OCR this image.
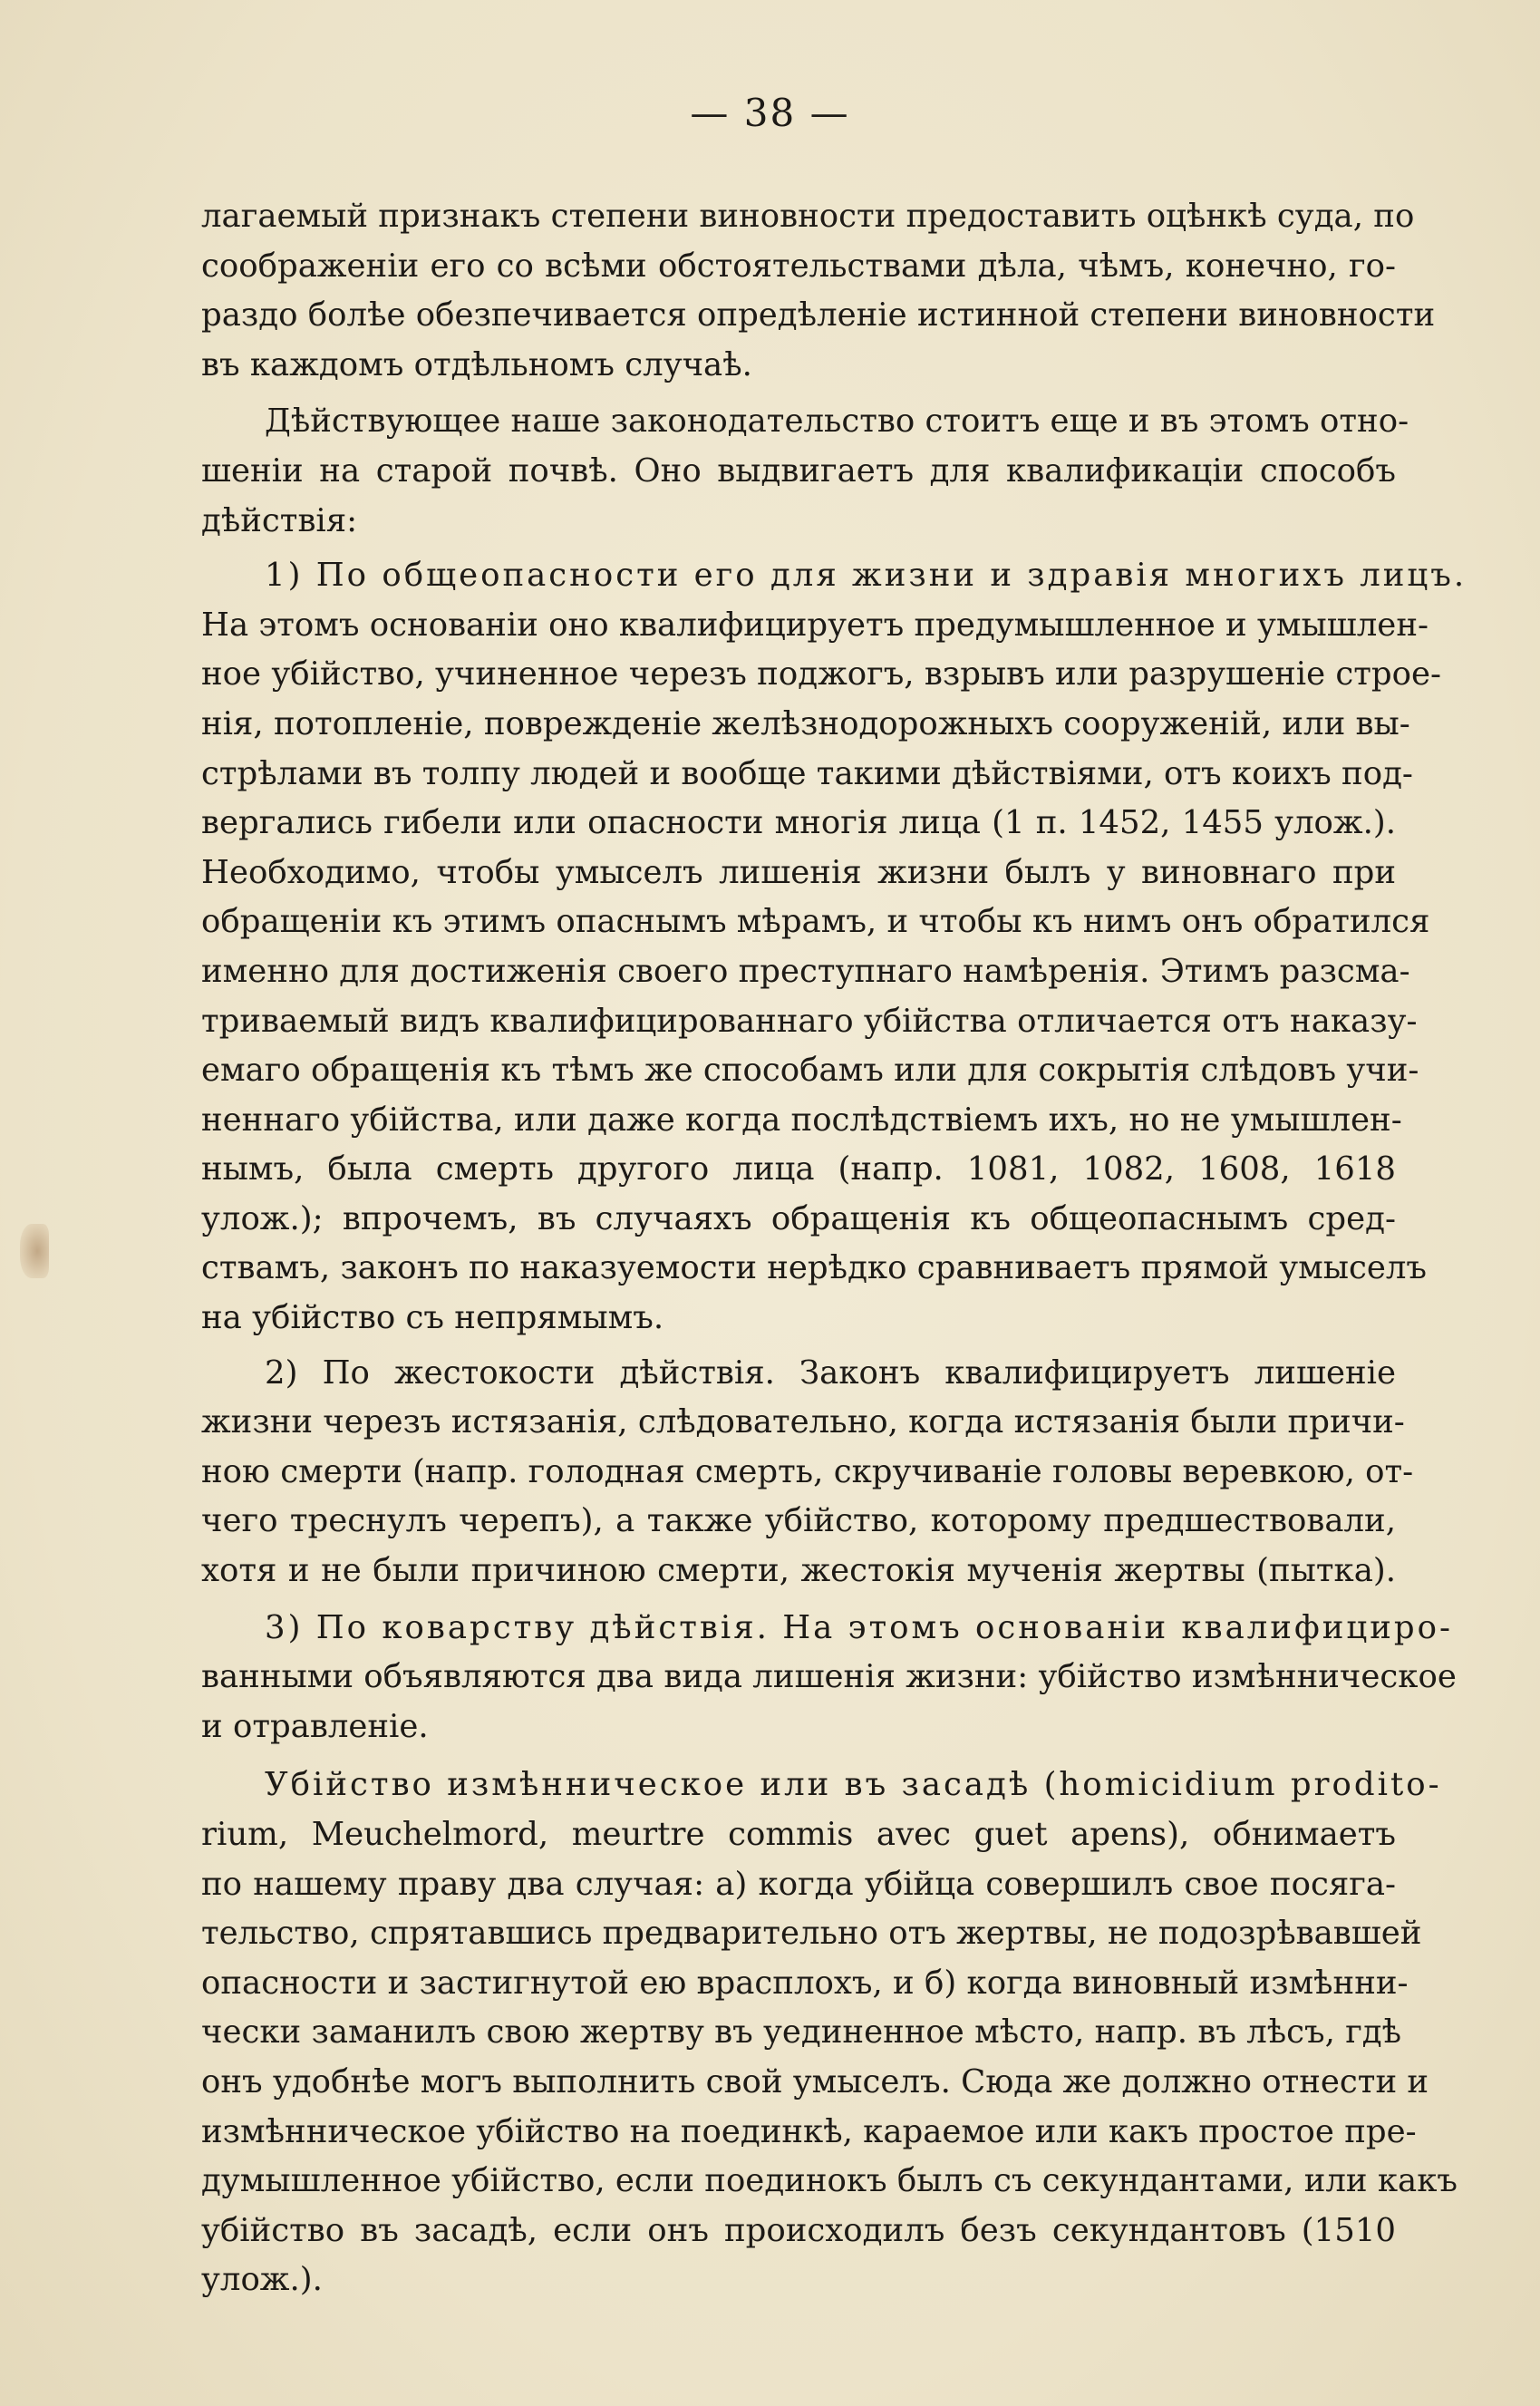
— 38 —
лагаемый признакъ степени виновности предоставить оцѣнкѣ суда, по
соображеніи его со всѣми обстоятельствами дѣла, чѣмъ, конечно, го-
раздо болѣе обезпечивается опредѣленіе истинной степени виновности
въ каждомъ отдѣльномъ случаѣ.
Дѣйствующее наше законодательство стоитъ еще и въ этомъ отно-
шеніи на старой почвѣ. Оно выдвигаетъ для квалификаціи способъ
дѣйствія:
1) По общеопасности его для жизни и здравія многихъ лицъ.
На этомъ основаніи оно квалифицируетъ предумышленное и умышлен-
ное убійство, учиненное черезъ поджогъ, взрывъ или разрушеніе строе-
нія, потопленіе, поврежденіе желѣзнодорожныхъ сооруженій, или вы-
стрѣлами въ толпу людей и вообще такими дѣйствіями, отъ коихъ под-
вергались гибели или опасности многія лица (1 п. 1452, 1455 улож.).
Необходимо, чтобы умыселъ лишенія жизни былъ у виновнаго при
обращеніи къ этимъ опаснымъ мѣрамъ, и чтобы къ нимъ онъ обратился
именно для достиженія своего преступнаго намѣренія. Этимъ разсма-
триваемый видъ квалифицированнаго убійства отличается отъ наказу-
емаго обращенія къ тѣмъ же способамъ или для сокрытія слѣдовъ учи-
неннаго убійства, или даже когда послѣдствіемъ ихъ, но не умышлен-
нымъ, была смерть другого лица (напр. 1081, 1082, 1608, 1618
улож.); впрочемъ, въ случаяхъ обращенія къ общеопаснымъ сред-
ствамъ, законъ по наказуемости нерѣдко сравниваетъ прямой умыселъ
на убійство съ непрямымъ.
2) По жестокости дѣйствія. Законъ квалифицируетъ лишеніе
жизни черезъ истязанія, слѣдовательно, когда истязанія были причи-
ною смерти (напр. голодная смерть, скручиваніе головы веревкою, от-
чего треснулъ черепъ), а также убійство, которому предшествовали,
хотя и не были причиною смерти, жестокія мученія жертвы (пытка).
3) По коварству дѣйствія. На этомъ основаніи квалифициро-
ванными объявляются два вида лишенія жизни: убійство измѣнническое
и отравленіе.
Убійство измѣнническое или въ засадѣ (homicidium prodito-
rium, Meuchelmord, meurtre commis avec guet apens), обнимаетъ
по нашему праву два случая: а) когда убійца совершилъ свое посяга-
тельство, спрятавшись предварительно отъ жертвы, не подозрѣвавшей
опасности и застигнутой ею врасплохъ, и б) когда виновный измѣнни-
чески заманилъ свою жертву въ уединенное мѣсто, напр. въ лѣсъ, гдѣ
онъ удобнѣе могъ выполнить свой умыселъ. Сюда же должно отнести и
измѣнническое убійство на поединкѣ, караемое или какъ простое пре-
думышленное убійство, если поединокъ былъ съ секундантами, или какъ
убійство въ засадѣ, если онъ происходилъ безъ секундантовъ (1510
улож.).
